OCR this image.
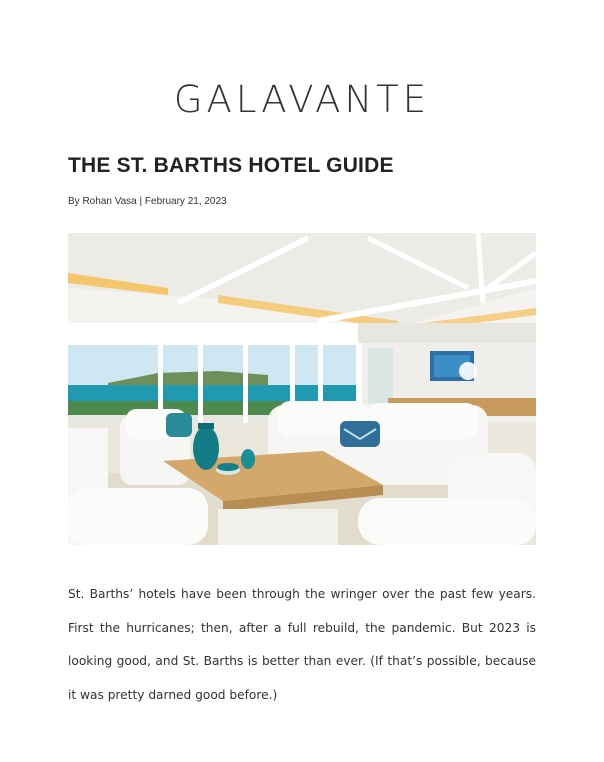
GALAVANTE
THE ST. BARTHS HOTEL GUIDE

By Rohan Vasa | February 21, 2023

St. Barths’ hotels have been through the wringer over the past few years. First the hurricanes; then, after a full rebuild, the pandemic. But 2023 is looking good, and St. Barths is better than ever. (If that’s possible, because it was pretty darned good before.)
